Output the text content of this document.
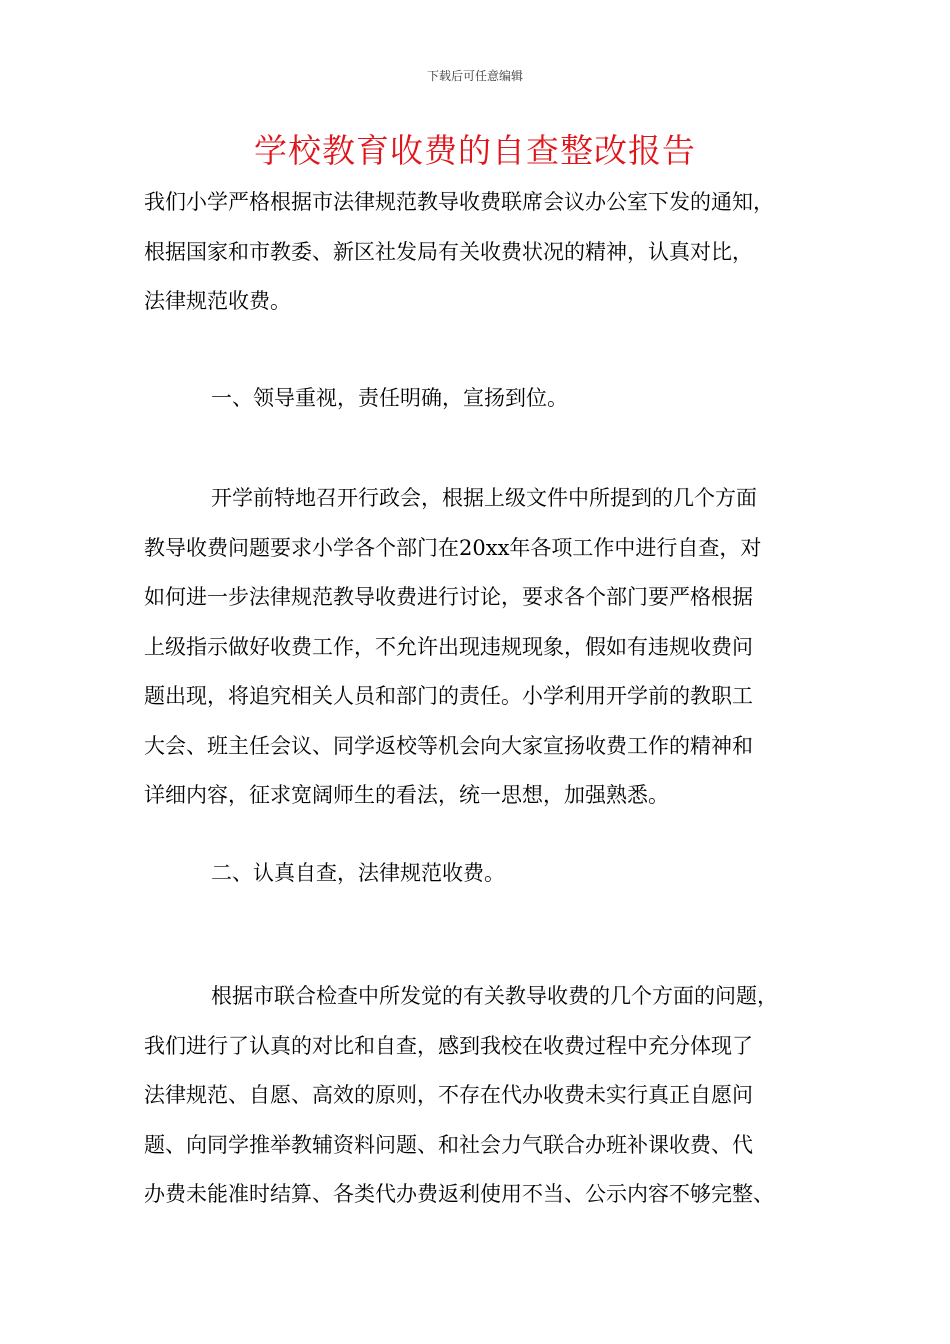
下载后可任意编辑
学校教育收费的自查整改报告
我们小学严格根据市法律规范教导收费联席会议办公室下发的通知，
根据国家和市教委、新区社发局有关收费状况的精神，认真对比，
法律规范收费。
一、领导重视，责任明确，宣扬到位。
开学前特地召开行政会，根据上级文件中所提到的几个方面
教导收费问题要求小学各个部门在20xx年各项工作中进行自查，对
如何进一步法律规范教导收费进行讨论，要求各个部门要严格根据
上级指示做好收费工作，不允许出现违规现象，假如有违规收费问
题出现，将追究相关人员和部门的责任。小学利用开学前的教职工
大会、班主任会议、同学返校等机会向大家宣扬收费工作的精神和
详细内容，征求宽阔师生的看法，统一思想，加强熟悉。
二、认真自查，法律规范收费。
根据市联合检查中所发觉的有关教导收费的几个方面的问题，
我们进行了认真的对比和自查，感到我校在收费过程中充分体现了
法律规范、自愿、高效的原则，不存在代办收费未实行真正自愿问
题、向同学推举教辅资料问题、和社会力气联合办班补课收费、代
办费未能准时结算、各类代办费返利使用不当、公示内容不够完整、
